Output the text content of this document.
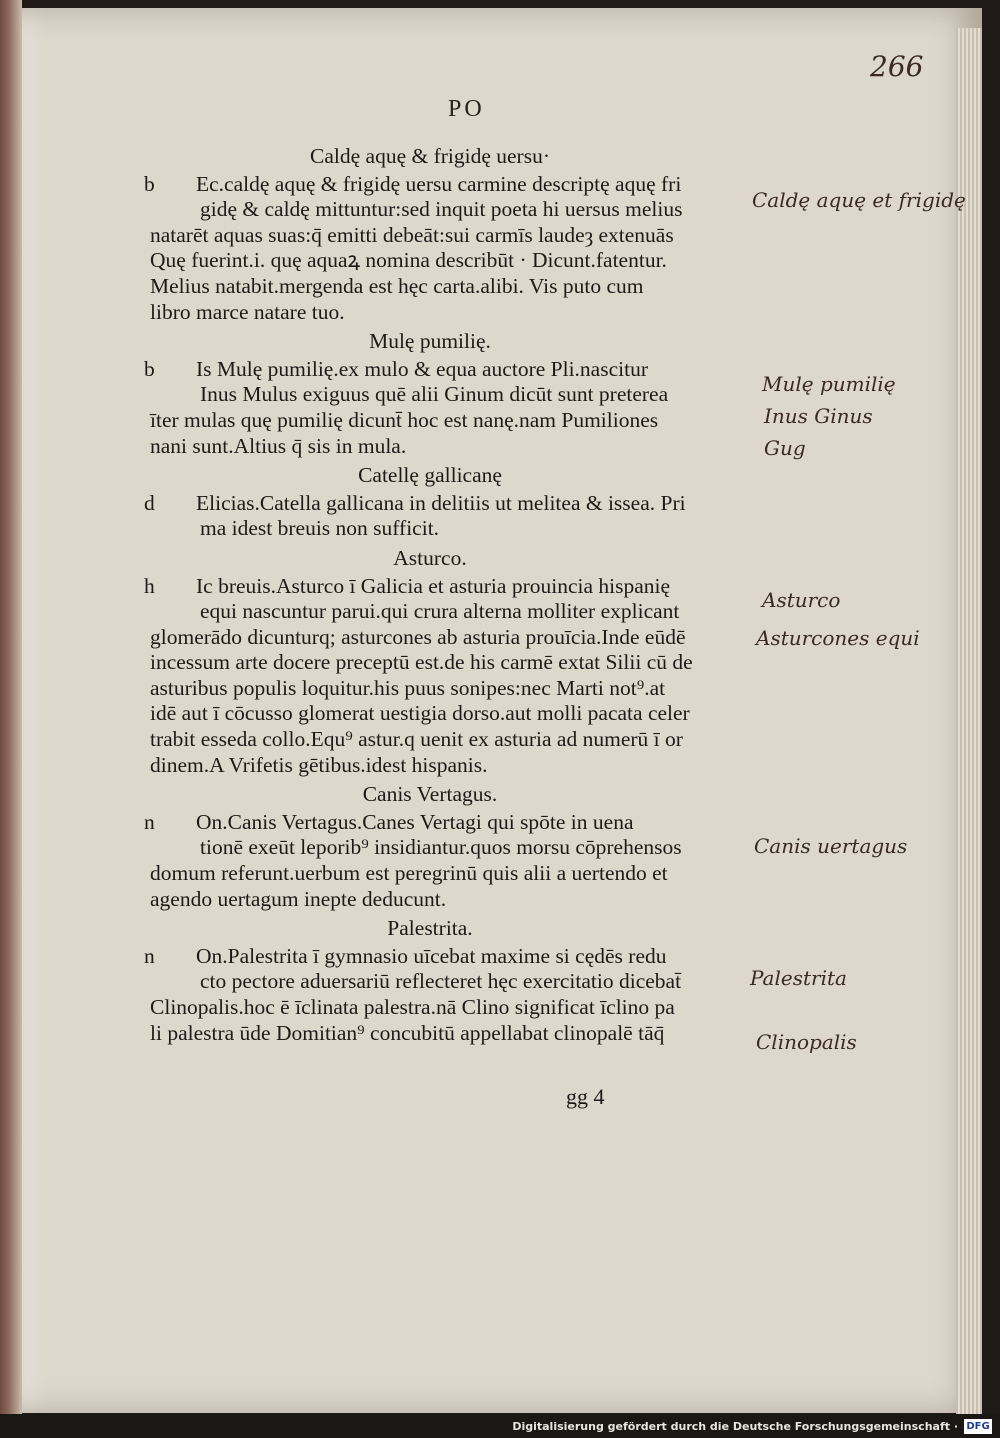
266
PO
Caldę aquę & frigidę uersu·
b	Ec.caldę aquę & frigidę uersu carmine descriptę aquę fri
gidę & caldę mittuntur:sed inquit poeta hi uersus melius
natarēt aquas suas:q̄ emitti debeāt:sui carmīs laudeȝ extenuās
Quę fuerint.i. quę aquaꝝ nomina describūt · Dicunt.fatentur.
Melius natabit.mergenda est hęc carta.alibi. Vis puto cum
libro marce natare tuo.
Mulę pumilię.
b	Is Mulę pumilię.ex mulo & equa auctore Pli.nascitur
Inus Mulus exiguus quē alii Ginum dicūt sunt preterea
īter mulas quę pumilię dicunt̄ hoc est nanę.nam Pumiliones
nani sunt.Altius q̄ sis in mula.
Catellę gallicanę
d	Elicias.Catella gallicana in delitiis ut melitea & issea. Pri
ma idest breuis non sufficit.
Asturco.
h	Ic breuis.Asturco ī Galicia et asturia prouincia hispanię
equi nascuntur parui.qui crura alterna molliter explicant
glomerādo dicunturq; asturcones ab asturia prouīcia.Inde eūdē
incessum arte docere preceptū est.de his carmē extat Silii cū de
asturibus populis loquitur.his puus sonipes:nec Marti not⁹.at
idē aut ī cōcusso glomerat uestigia dorso.aut molli pacata celer
trabit esseda collo.Equ⁹ astur.q uenit ex asturia ad numerū ī or
dinem.A Vrifetis gētibus.idest hispanis.
Canis Vertagus.
n	On.Canis Vertagus.Canes Vertagi qui spōte in uena
tionē exeūt leporib⁹ insidiantur.quos morsu cōprehensos
domum referunt.uerbum est peregrinū quis alii a uertendo et
agendo uertagum inepte deducunt.
Palestrita.
n	On.Palestrita ī gymnasio uīcebat maxime si cędēs redu
cto pectore aduersariū reflecteret hęc exercitatio dicebat̄
Clinopalis.hoc ē īclinata palestra.nā Clino significat īclino pa
li palestra ūde Domitian⁹ concubitū appellabat clinopalē tāq̄
gg 4
Caldę aquę et frigidę
Mulę pumilię
Inus Ginus
Gug
Asturco
Asturcones equi
Canis uertagus
Palestrita
Clinopalis
Digitalisierung gefördert durch die Deutsche Forschungsgemeinschaft · DFG
